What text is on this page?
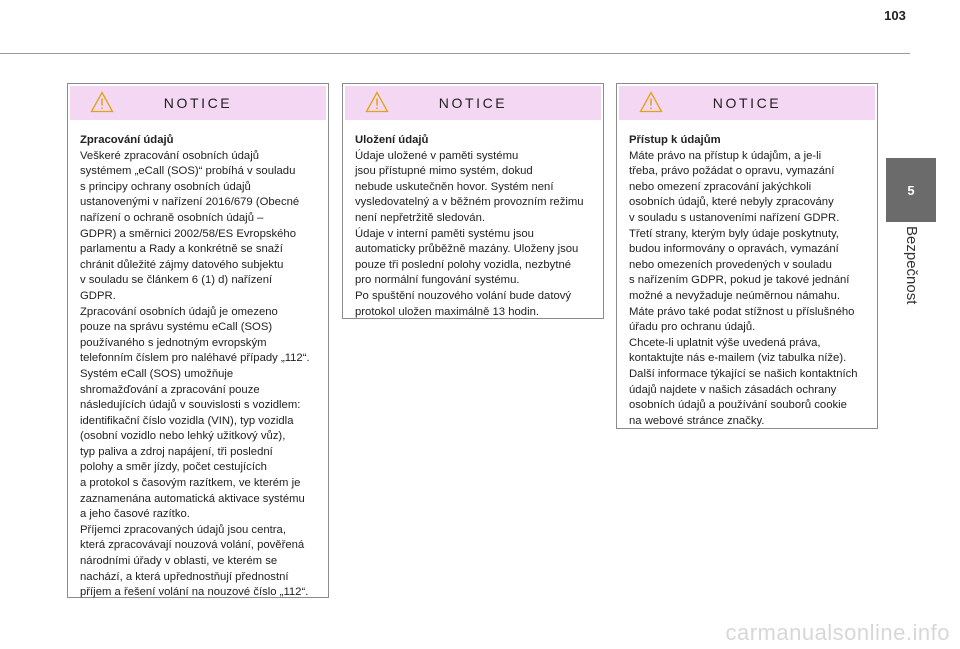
103
5
Bezpečnost
NOTICE

Zpracování údajů

Veškeré zpracování osobních údajů
systémem „eCall (SOS)“ probíhá v souladu
s principy ochrany osobních údajů
ustanovenými v nařízení 2016/679 (Obecné
nařízení o ochraně osobních údajů –
GDPR) a směrnici 2002/58/ES Evropského
parlamentu a Rady a konkrétně se snaží
chránit důležité zájmy datového subjektu
v souladu se článkem 6 (1) d) nařízení
GDPR.
Zpracování osobních údajů je omezeno
pouze na správu systému eCall (SOS)
používaného s jednotným evropským
telefonním číslem pro naléhavé případy „112“.
Systém eCall (SOS) umožňuje
shromažďování a zpracování pouze
následujících údajů v souvislosti s vozidlem:
identifikační číslo vozidla (VIN), typ vozidla
(osobní vozidlo nebo lehký užitkový vůz),
typ paliva a zdroj napájení, tři poslední
polohy a směr jízdy, počet cestujících
a protokol s časovým razítkem, ve kterém je
zaznamenána automatická aktivace systému
a jeho časové razítko.
Příjemci zpracovaných údajů jsou centra,
která zpracovávají nouzová volání, pověřená
národními úřady v oblasti, ve kterém se
nachází, a která upřednostňují přednostní
příjem a řešení volání na nouzové číslo „112“.

NOTICE

Uložení údajů

Údaje uložené v paměti systému
jsou přístupné mimo systém, dokud
nebude uskutečněn hovor. Systém není
vysledovatelný a v běžném provozním režimu
není nepřetržitě sledován.
Údaje v interní paměti systému jsou
automaticky průběžně mazány. Uloženy jsou
pouze tři poslední polohy vozidla, nezbytné
pro normální fungování systému.
Po spuštění nouzového volání bude datový
protokol uložen maximálně 13 hodin.

NOTICE

Přístup k údajům

Máte právo na přístup k údajům, a je-li
třeba, právo požádat o opravu, vymazání
nebo omezení zpracování jakýchkoli
osobních údajů, které nebyly zpracovány
v souladu s ustanoveními nařízení GDPR.
Třetí strany, kterým byly údaje poskytnuty,
budou informovány o opravách, vymazání
nebo omezeních provedených v souladu
s nařízením GDPR, pokud je takové jednání
možné a nevyžaduje neúměrnou námahu.
Máte právo také podat stížnost u příslušného
úřadu pro ochranu údajů.
Chcete-li uplatnit výše uvedená práva,
kontaktujte nás e-mailem (viz tabulka níže).
Další informace týkající se našich kontaktních
údajů najdete v našich zásadách ochrany
osobních údajů a používání souborů cookie
na webové stránce značky.

carmanualsonline.info
